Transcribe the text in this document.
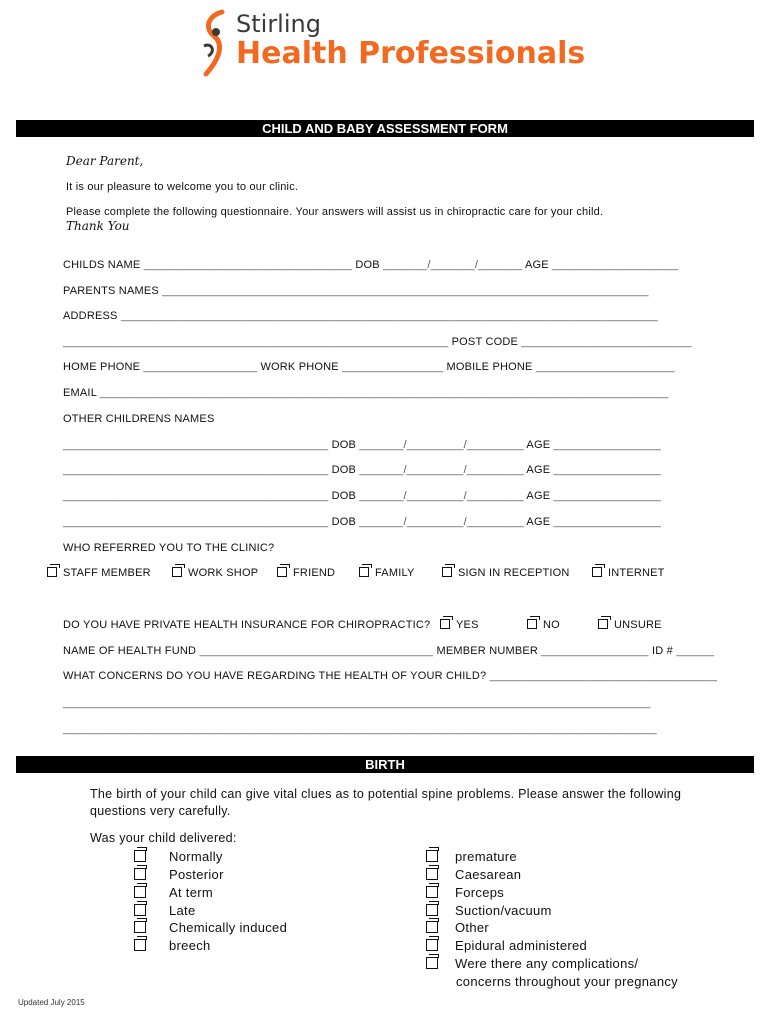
Stirling
Health Professionals
CHILD AND BABY ASSESSMENT FORM
Dear Parent,
It is our pleasure to welcome you to our clinic.
Please complete the following questionnaire. Your answers will assist us in chiropractic care for your child.
Thank You
CHILDS NAME _________________________________ DOB _______/_______/_______ AGE ____________________
PARENTS NAMES _____________________________________________________________________________
ADDRESS _____________________________________________________________________________________
_____________________________________________________________ POST CODE ___________________________
HOME PHONE __________________ WORK PHONE ________________ MOBILE PHONE ______________________
EMAIL __________________________________________________________________________________________
OTHER CHILDRENS NAMES
__________________________________________ DOB _______/_________/_________ AGE _________________
__________________________________________ DOB _______/_________/_________ AGE _________________
__________________________________________ DOB _______/_________/_________ AGE _________________
__________________________________________ DOB _______/_________/_________ AGE _________________
WHO REFERRED YOU TO THE CLINIC?
STAFF MEMBER	WORK SHOP	FRIEND	FAMILY	SIGN IN RECEPTION	INTERNET
DO YOU HAVE PRIVATE HEALTH INSURANCE FOR CHIROPRACTIC?	YES	NO	UNSURE
NAME OF HEALTH FUND _____________________________________ MEMBER NUMBER _________________ ID # ______
WHAT CONCERNS DO YOU HAVE REGARDING THE HEALTH OF YOUR CHILD? ____________________________________
_____________________________________________________________________________________________
______________________________________________________________________________________________
BIRTH
The birth of your child can give vital clues as to potential spine problems. Please answer the following questions very carefully.
Was your child delivered:
Normally
Posterior
At term
Late
Chemically induced
breech
premature
Caesarean
Forceps
Suction/vacuum
Other
Epidural administered
Were there any complications/
concerns throughout your pregnancy
Updated July 2015
